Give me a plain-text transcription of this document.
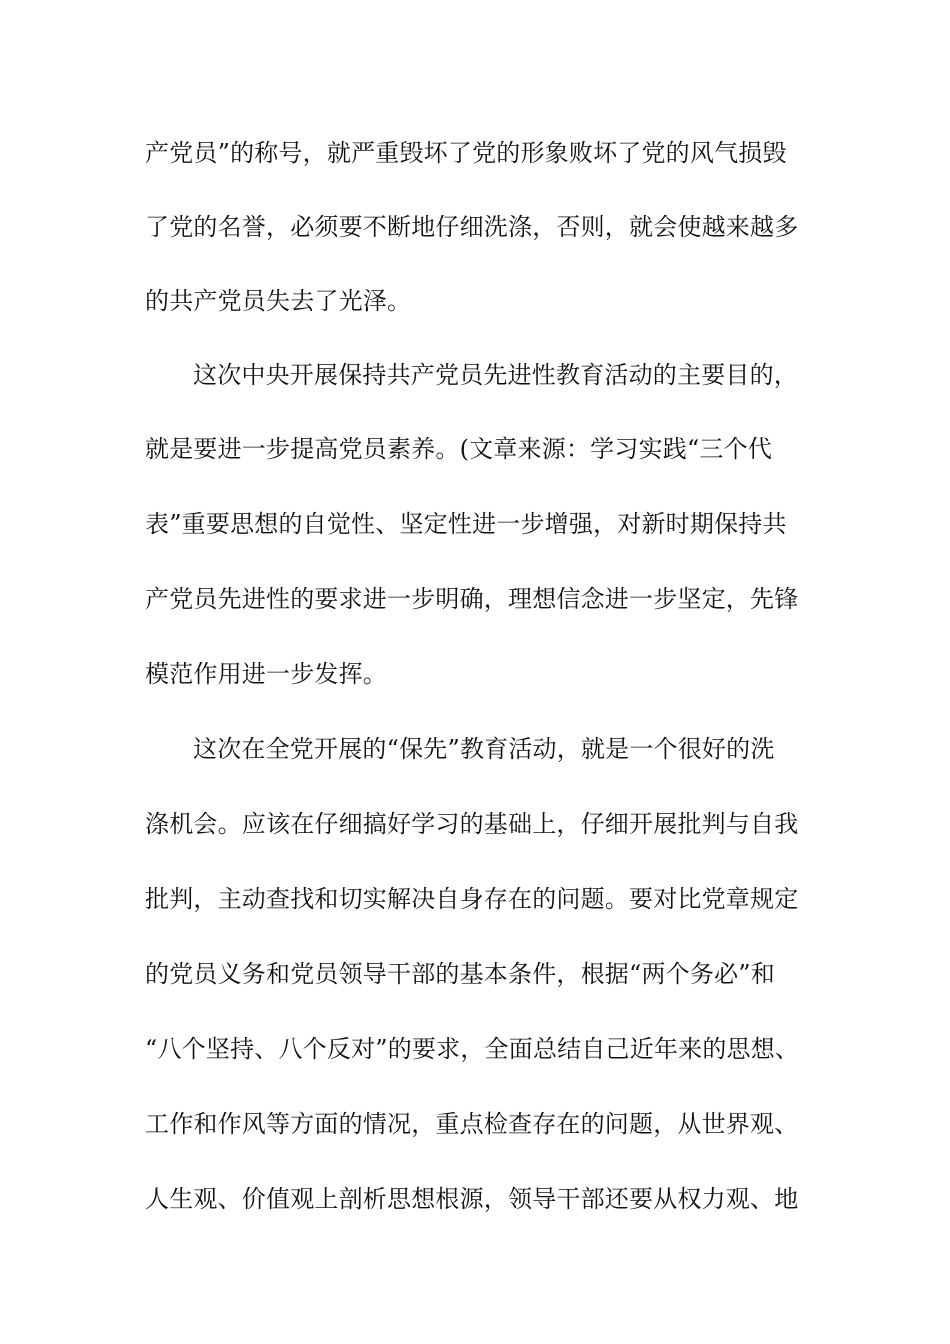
产党员”的称号，就严重毁坏了党的形象败坏了党的风气损毁
了党的名誉，必须要不断地仔细洗涤，否则，就会使越来越多
的共产党员失去了光泽。
这次中央开展保持共产党员先进性教育活动的主要目的，
就是要进一步提高党员素养。(文章来源：学习实践“三个代
表”重要思想的自觉性、坚定性进一步增强，对新时期保持共
产党员先进性的要求进一步明确，理想信念进一步坚定，先锋
模范作用进一步发挥。
这次在全党开展的“保先”教育活动，就是一个很好的洗
涤机会。应该在仔细搞好学习的基础上，仔细开展批判与自我
批判，主动查找和切实解决自身存在的问题。要对比党章规定
的党员义务和党员领导干部的基本条件，根据“两个务必”和
“八个坚持、八个反对”的要求，全面总结自己近年来的思想、
工作和作风等方面的情况，重点检查存在的问题，从世界观、
人生观、价值观上剖析思想根源，领导干部还要从权力观、地
